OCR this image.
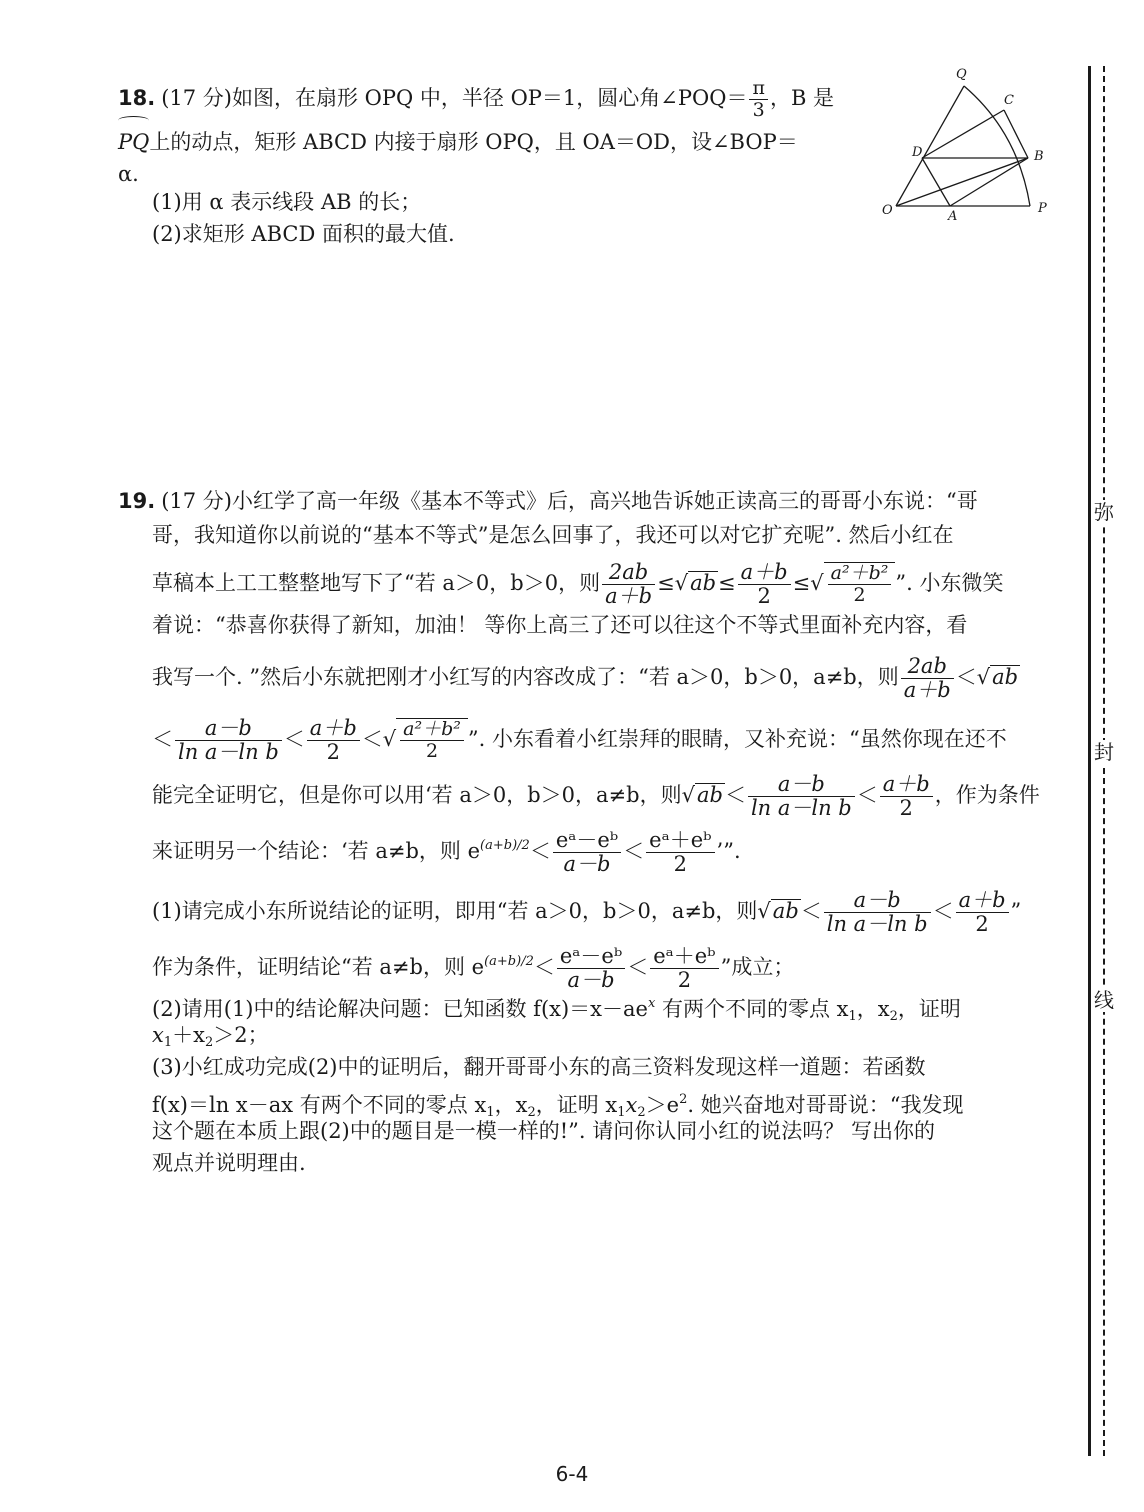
18. (17 分)如图，在扇形 OPQ 中，半径 OP＝1，圆心角∠POQ＝ $\frac{\pi}{3}$ ，B 是
PQ上的动点，矩形 ABCD 内接于扇形 OPQ，且 OA＝OD，设∠BOP＝
α.
(1)用 α 表示线段 AB 的长；
(2)求矩形 ABCD 面积的最大值.
O	P
Q
A
B
C
D
19. (17 分)小红学了高一年级《基本不等式》后，高兴地告诉她正读高三的哥哥小东说：“哥
哥，我知道你以前说的“基本不等式”是怎么回事了，我还可以对它扩充呢”. 然后小红在
草稿本上工工整整地写下了“若 a＞0，b＞0，则 $\frac{2ab}{a+b}$ ≤ √ $ab\le \frac{a+b}{2}$ ≤ √ $\frac{\text{a²＋b²}}{2}$ ”. 小东微笑
着说：“恭喜你获得了新知，加油！ 等你上高三了还可以往这个不等式里面补充内容，看
我写一个. ”然后小东就把刚才小红写的内容改成了：“若 a＞0，b＞0，a≠b，则 $\frac{2ab}{a+b}$ ＜ √ ab
＜ $\frac{a-b}{\text{ln a－ln b}} < \frac{a+b}{2}$ ＜ √ $\frac{\text{a²＋b²}}{2}$ ”. 小东看着小红崇拜的眼睛，又补充说：“虽然你现在还不
能完全证明它，但是你可以用‘若 a＞0，b＞0，a≠b，则 √ $ab< \frac{a-b}{\text{ln a－ln b}} < \frac{a+b}{2}$ ，作为条件
来证明另一个结论：‘若 a≠b，则 $e^{(a+b)/2}< \frac{\text{eᵃ－eᵇ}}{a-b} < \frac{\text{eᵃ＋eᵇ}}{2}$ ’”.
(1)请完成小东所说结论的证明，即用“若 a＞0，b＞0，a≠b，则 √ $ab< \frac{a-b}{\text{ln a－ln b}} < \frac{a+b}{2}$ ”
作为条件，证明结论“若 a≠b，则 $e^{(a+b)/2}< \frac{\text{eᵃ－eᵇ}}{a-b} < \frac{\text{eᵃ＋eᵇ}}{2}$ ”成立；
(2)请用(1)中的结论解决问题：已知函数 $f(x)=x-ae^x$ 有两个不同的零点 $x_1$，$x_2$，证明
$x_1+x_2>2$；
(3)小红成功完成(2)中的证明后，翻开哥哥小东的高三资料发现这样一道题：若函数
f(x)＝ln x－ax 有两个不同的零点 $x_1$，$x_2$，证明 $x_1x_2>e^2$. 她兴奋地对哥哥说：“我发现
这个题在本质上跟(2)中的题目是一模一样的!”. 请问你认同小红的说法吗？ 写出你的
观点并说明理由.
弥
封
线
6-4
